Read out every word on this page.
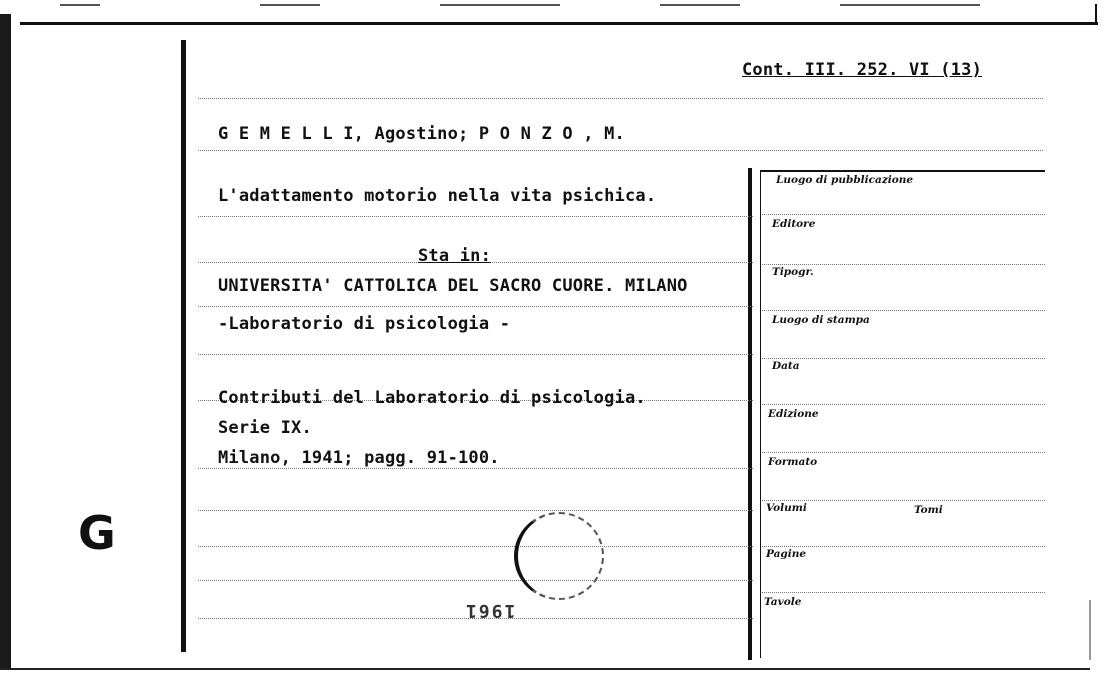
Cont. III. 252. VI (13)
G E M E L L I, Agostino; P O N Z O , M.
L'adattamento motorio nella vita psichica.
Sta in:
UNIVERSITA' CATTOLICA DEL SACRO CUORE. MILANO
-Laboratorio di psicologia -
Contributi del Laboratorio di psicologia.
Serie IX.
Milano, 1941; pagg. 91-100.
Luogo di pubblicazione
Editore
Tipogr.
Luogo di stampa
Data
Edizione
Formato
Volumi	Tomi
Pagine
Tavole
G
1961
